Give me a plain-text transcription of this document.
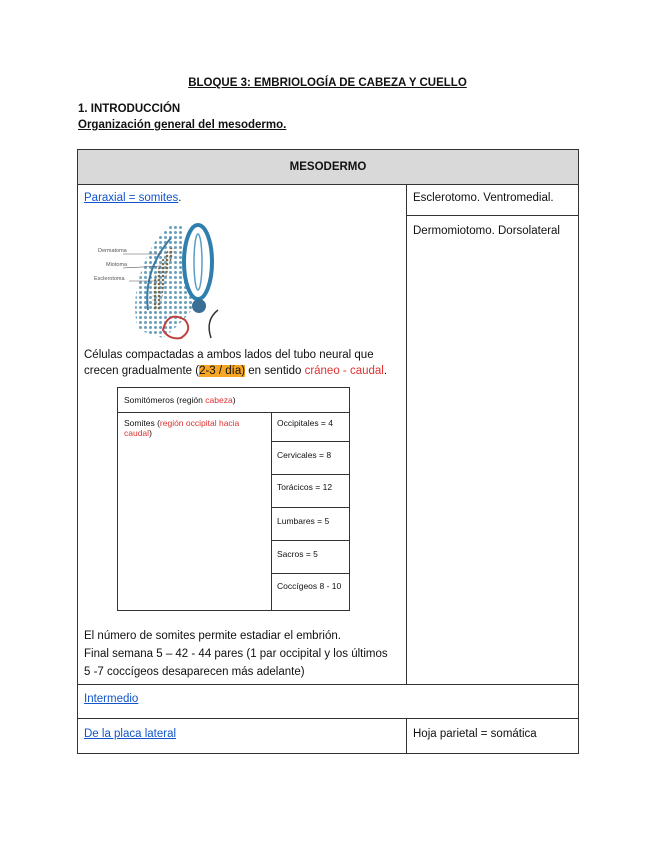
BLOQUE 3: EMBRIOLOGÍA DE CABEZA Y CUELLO
1. INTRODUCCIÓN
Organización general del mesodermo.
MESODERMO
Paraxial = somites.	Esclerotomo. Ventromedial.
Dermomiotomo. Dorsolateral
Dermatoma
Miotoma
Esclerotoma
Células compactadas a ambos lados del tubo neural que
crecen gradualmente (2-3 / día) en sentido cráneo - caudal.
Somitómeros (región cabeza)
Somites (región occipital hacia caudal)
Occipitales = 4
Cervicales = 8
Torácicos = 12
Lumbares = 5
Sacros = 5
Coccígeos 8 - 10
El número de somites permite estadiar el embrión.
Final semana 5 – 42 - 44 pares (1 par occipital y los últimos
5 -7 coccígeos desaparecen más adelante)
Intermedio
De la placa lateral	Hoja parietal = somática
